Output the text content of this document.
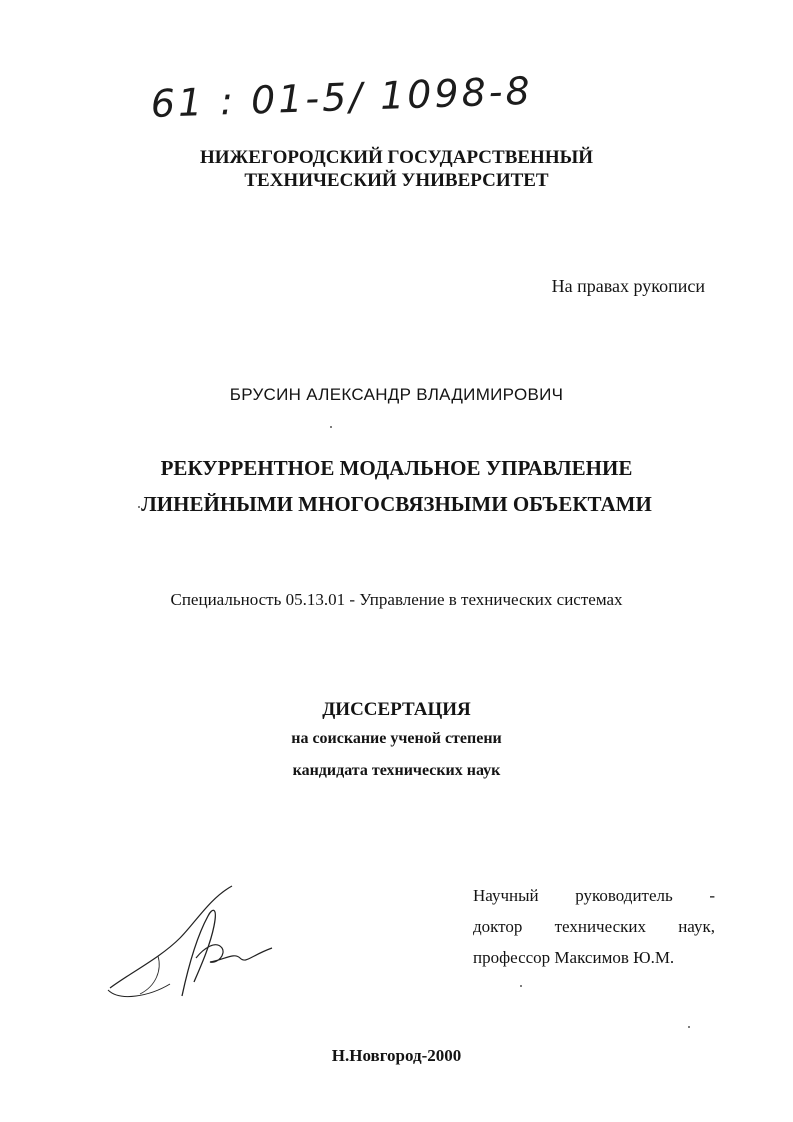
61 : 01-5/ 1098-8
НИЖЕГОРОДСКИЙ ГОСУДАРСТВЕННЫЙ
ТЕХНИЧЕСКИЙ УНИВЕРСИТЕТ
На правах рукописи
БРУСИН АЛЕКСАНДР ВЛАДИМИРОВИЧ
РЕКУРРЕНТНОЕ МОДАЛЬНОЕ УПРАВЛЕНИЕ
ЛИНЕЙНЫМИ МНОГОСВЯЗНЫМИ ОБЪЕКТАМИ
Специальность 05.13.01 - Управление в технических системах
ДИССЕРТАЦИЯ
на соискание ученой степени
кандидата технических наук
Научный руководитель -
доктор технических наук,
профессор Максимов Ю.М.
Н.Новгород-2000
